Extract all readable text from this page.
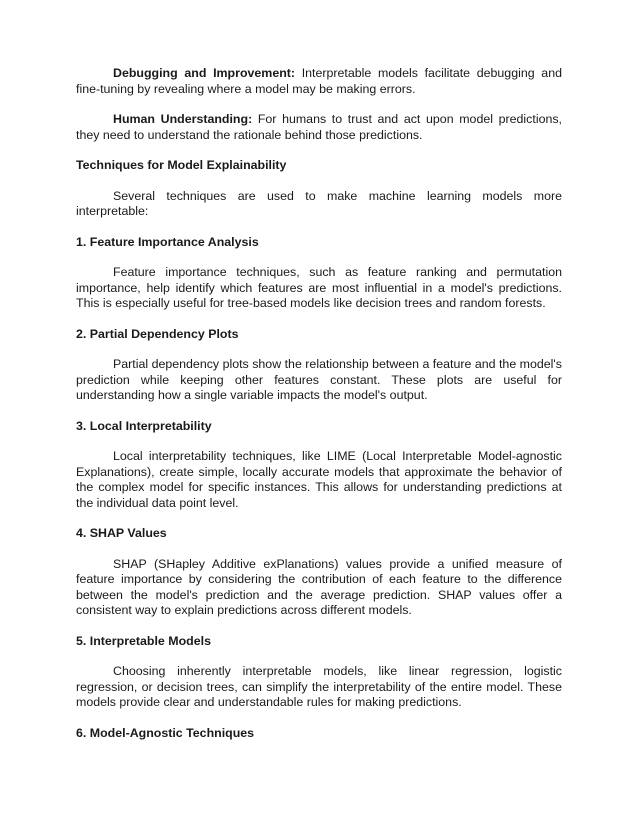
Debugging and Improvement: Interpretable models facilitate debugging and fine-tuning by revealing where a model may be making errors.

Human Understanding: For humans to trust and act upon model predictions, they need to understand the rationale behind those predictions.

Techniques for Model Explainability

Several techniques are used to make machine learning models more interpretable:

1. Feature Importance Analysis

Feature importance techniques, such as feature ranking and permutation importance, help identify which features are most influential in a model's predictions. This is especially useful for tree-based models like decision trees and random forests.

2. Partial Dependency Plots

Partial dependency plots show the relationship between a feature and the model's prediction while keeping other features constant. These plots are useful for understanding how a single variable impacts the model's output.

3. Local Interpretability

Local interpretability techniques, like LIME (Local Interpretable Model-agnostic Explanations), create simple, locally accurate models that approximate the behavior of the complex model for specific instances. This allows for understanding predictions at the individual data point level.

4. SHAP Values

SHAP (SHapley Additive exPlanations) values provide a unified measure of feature importance by considering the contribution of each feature to the difference between the model's prediction and the average prediction. SHAP values offer a consistent way to explain predictions across different models.

5. Interpretable Models

Choosing inherently interpretable models, like linear regression, logistic regression, or decision trees, can simplify the interpretability of the entire model. These models provide clear and understandable rules for making predictions.

6. Model-Agnostic Techniques
